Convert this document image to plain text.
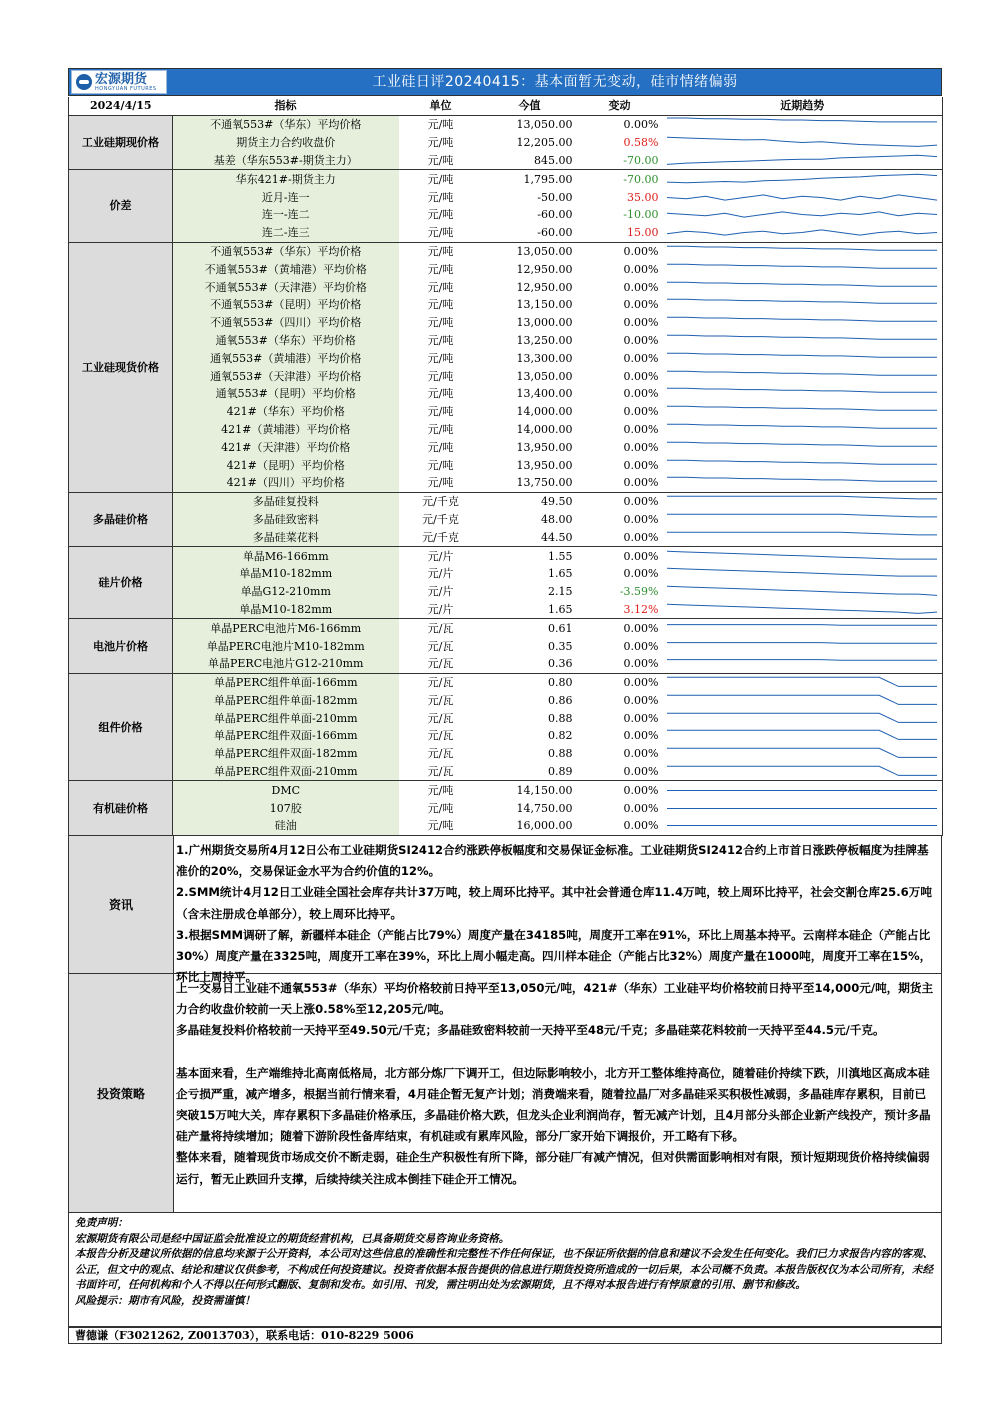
宏源期货
HONGYUAN FUTURES	工业硅日评20240415：基本面暂无变动，硅市情绪偏弱
2024/4/15	指标	单位	今值	变动	近期趋势
工业硅期现价格	不通氧553#（华东）平均价格	元/吨	13,050.00	0.00%	

	期货主力合约收盘价	元/吨	12,205.00	0.58%	

	基差（华东553#-期货主力）	元/吨	845.00	-70.00	

价差	华东421#-期货主力	元/吨	1,795.00	-70.00	

	近月-连一	元/吨	-50.00	35.00	

	连一-连二	元/吨	-60.00	-10.00	

	连二-连三	元/吨	-60.00	15.00	

工业硅现货价格	不通氧553#（华东）平均价格	元/吨	13,050.00	0.00%	

	不通氧553#（黄埔港）平均价格	元/吨	12,950.00	0.00%	

	不通氧553#（天津港）平均价格	元/吨	12,950.00	0.00%	

	不通氧553#（昆明）平均价格	元/吨	13,150.00	0.00%	

	不通氧553#（四川）平均价格	元/吨	13,000.00	0.00%	

	通氧553#（华东）平均价格	元/吨	13,250.00	0.00%	

	通氧553#（黄埔港）平均价格	元/吨	13,300.00	0.00%	

	通氧553#（天津港）平均价格	元/吨	13,050.00	0.00%	

	通氧553#（昆明）平均价格	元/吨	13,400.00	0.00%	

	421#（华东）平均价格	元/吨	14,000.00	0.00%	

	421#（黄埔港）平均价格	元/吨	14,000.00	0.00%	

	421#（天津港）平均价格	元/吨	13,950.00	0.00%	

	421#（昆明）平均价格	元/吨	13,950.00	0.00%	

	421#（四川）平均价格	元/吨	13,750.00	0.00%	

多晶硅价格	多晶硅复投料	元/千克	49.50	0.00%	

	多晶硅致密料	元/千克	48.00	0.00%	

	多晶硅菜花料	元/千克	44.50	0.00%	

硅片价格	单晶M6-166mm	元/片	1.55	0.00%	

	单晶M10-182mm	元/片	1.65	0.00%	

	单晶G12-210mm	元/片	2.15	-3.59%	

	单晶M10-182mm	元/片	1.65	3.12%	

电池片价格	单晶PERC电池片M6-166mm	元/瓦	0.61	0.00%	

	单晶PERC电池片M10-182mm	元/瓦	0.35	0.00%	

	单晶PERC电池片G12-210mm	元/瓦	0.36	0.00%	

组件价格	单晶PERC组件单面-166mm	元/瓦	0.80	0.00%	

	单晶PERC组件单面-182mm	元/瓦	0.86	0.00%	

	单晶PERC组件单面-210mm	元/瓦	0.88	0.00%	

	单晶PERC组件双面-166mm	元/瓦	0.82	0.00%	

	单晶PERC组件双面-182mm	元/瓦	0.88	0.00%	

	单晶PERC组件双面-210mm	元/瓦	0.89	0.00%	

有机硅价格	DMC	元/吨	14,150.00	0.00%	

	107胶	元/吨	14,750.00	0.00%	

	硅油	元/吨	16,000.00	0.00%	
资讯

1.广州期货交易所4月12日公布工业硅期货SI2412合约涨跌停板幅度和交易保证金标准。工业硅期货SI2412合约上市首日涨跌停板幅度为挂牌基准价的20%，交易保证金水平为合约价值的12%。

2.SMM统计4月12日工业硅全国社会库存共计37万吨，较上周环比持平。其中社会普通仓库11.4万吨，较上周环比持平，社会交割仓库25.6万吨（含未注册成仓单部分），较上周环比持平。

3.根据SMM调研了解，新疆样本硅企（产能占比79%）周度产量在34185吨，周度开工率在91%，环比上周基本持平。云南样本硅企（产能占比30%）周度产量在3325吨，周度开工率在39%，环比上周小幅走高。四川样本硅企（产能占比32%）周度产量在1000吨，周度开工率在15%，环比上周持平。

投资策略

上一交易日工业硅不通氧553#（华东）平均价格较前日持平至13,050元/吨，421#（华东）工业硅平均价格较前日持平至14,000元/吨，期货主力合约收盘价较前一天上涨0.58%至12,205元/吨。

多晶硅复投料价格较前一天持平至49.50元/千克；多晶硅致密料较前一天持平至48元/千克；多晶硅菜花料较前一天持平至44.5元/千克。

基本面来看，生产端维持北高南低格局，北方部分炼厂下调开工，但边际影响较小，北方开工整体维持高位，随着硅价持续下跌，川滇地区高成本硅企亏损严重，减产增多，根据当前行情来看，4月硅企暂无复产计划；消费端来看，随着拉晶厂对多晶硅采买积极性减弱，多晶硅库存累积，目前已突破15万吨大关，库存累积下多晶硅价格承压，多晶硅价格大跌，但龙头企业利润尚存，暂无减产计划，且4月部分头部企业新产线投产，预计多晶硅产量将持续增加；随着下游阶段性备库结束，有机硅或有累库风险，部分厂家开始下调报价，开工略有下移。

整体来看，随着现货市场成交价不断走弱，硅企生产积极性有所下降，部分硅厂有减产情况，但对供需面影响相对有限，预计短期现货价格持续偏弱运行，暂无止跌回升支撑，后续持续关注成本倒挂下硅企开工情况。

免责声明：

宏源期货有限公司是经中国证监会批准设立的期货经营机构，已具备期货交易咨询业务资格。

本报告分析及建议所依据的信息均来源于公开资料，本公司对这些信息的准确性和完整性不作任何保证，也不保证所依据的信息和建议不会发生任何变化。我们已力求报告内容的客观、公正，但文中的观点、结论和建议仅供参考，不构成任何投资建议。投资者依据本报告提供的信息进行期货投资所造成的一切后果，本公司概不负责。本报告版权仅为本公司所有，未经书面许可，任何机构和个人不得以任何形式翻版、复制和发布。如引用、刊发，需注明出处为宏源期货，且不得对本报告进行有悖原意的引用、删节和修改。

风险提示：期市有风险，投资需谨慎！

曹德谦（F3021262, Z0013703），联系电话：010-8229 5006
